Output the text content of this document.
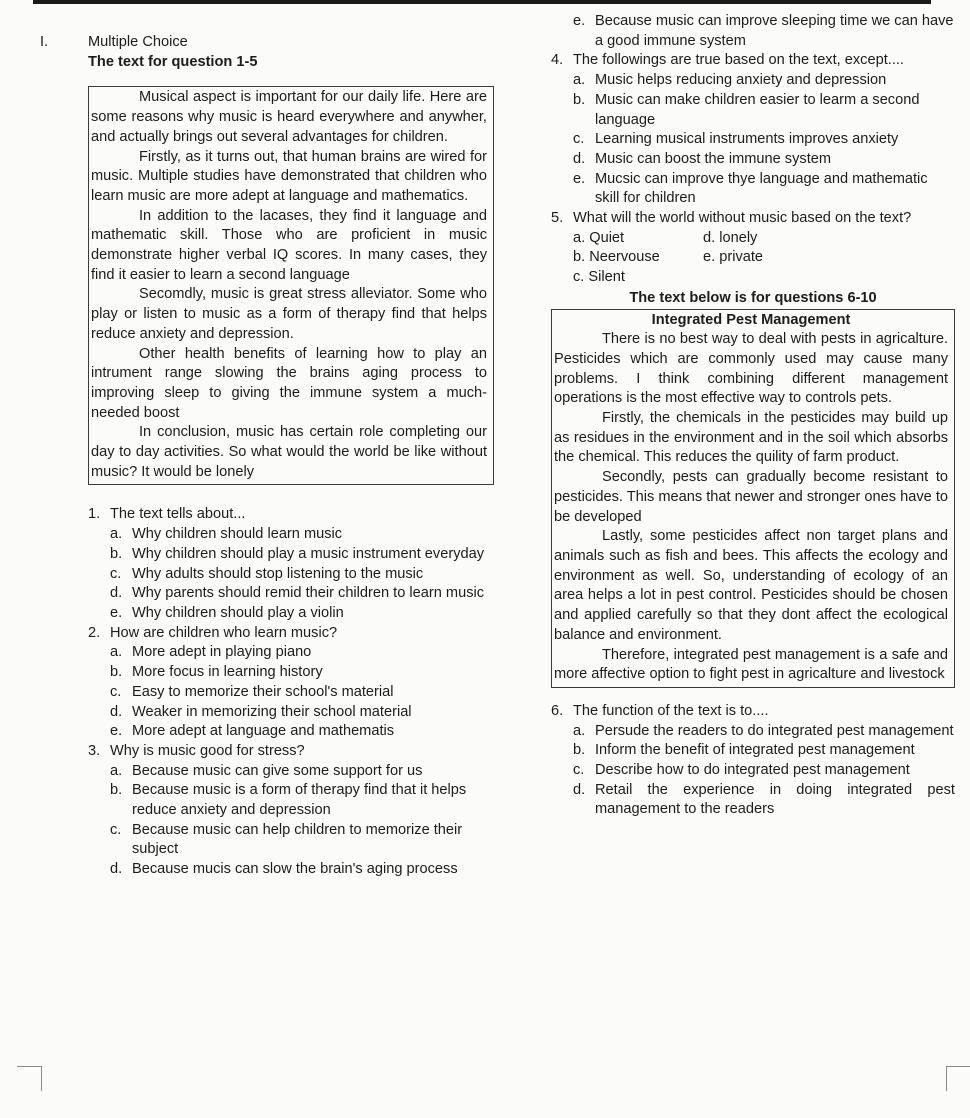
I.	Multiple Choice

The text for question 1-5

Musical aspect is important for our daily life. Here are some reasons why music is heard everywhere and anywher, and actually brings out several advantages for children.

Firstly, as it turns out, that human brains are wired for music. Multiple studies have demonstrated that children who learn music are more adept at language and mathematics.

In addition to the lacases, they find it language and mathematic skill. Those who are proficient in music demonstrate higher verbal IQ scores. In many cases, they find it easier to learn a second language

Secomdly, music is great stress alleviator. Some who play or listen to music as a form of therapy find that helps reduce anxiety and depression.

Other health benefits of learning how to play an intrument range slowing the brains aging process to improving sleep to giving the immune system a much-needed boost

In conclusion, music has certain role completing our day to day activities. So what would the world be like without music? It would be lonely

1. The text tells about...
a. Why children should learn music
b. Why children should play a music instrument everyday
c. Why adults should stop listening to the music
d. Why parents should remid their children to learn music
e. Why children should play a violin
2. How are children who learn music?
a. More adept in playing piano
b. More focus in learning history
c. Easy to memorize their school's material
d. Weaker in memorizing their school material
e. More adept at language and mathematis
3. Why is music good for stress?
a. Because music can give some support for us
b. Because music is a form of therapy find that it helps reduce anxiety and depression
c. Because music can help children to memorize their subject
d. Because mucis can slow the brain's aging process
e. Because music can improve sleeping time we can have a good immune system
4. The followings are true based on the text, except....
a. Music helps reducing anxiety and depression
b. Music can make children easier to learm a second language
c. Learning musical instruments improves anxiety
d. Music can boost the immune system
e. Mucsic can improve thye language and mathematic skill for children
5. What will the world without music based on the text?
a. Quiet	d. lonely
b. Neervouse	e. private
c. Silent

The text below is for questions 6-10

Integrated Pest Management

There is no best way to deal with pests in agricalture. Pesticides which are commonly used may cause many problems. I think combining different management operations is the most effective way to controls pets.

Firstly, the chemicals in the pesticides may build up as residues in the environment and in the soil which absorbs the chemical. This reduces the quility of farm product.

Secondly, pests can gradually become resistant to pesticides. This means that newer and stronger ones have to be developed

Lastly, some pesticides affect non target plans and animals such as fish and bees. This affects the ecology and environment as well. So, understanding of ecology of an area helps a lot in pest control. Pesticides should be chosen and applied carefully so that they dont affect the ecological balance and environment.

Therefore, integrated pest management is a safe and more affective option to fight pest in agricalture and livestock

6. The function of the text is to....
a. Persude the readers to do integrated pest management
b. Inform the benefit of integrated pest management
c. Describe how to do integrated pest management
d. Retail the experience in doing integrated pest management to the readers
